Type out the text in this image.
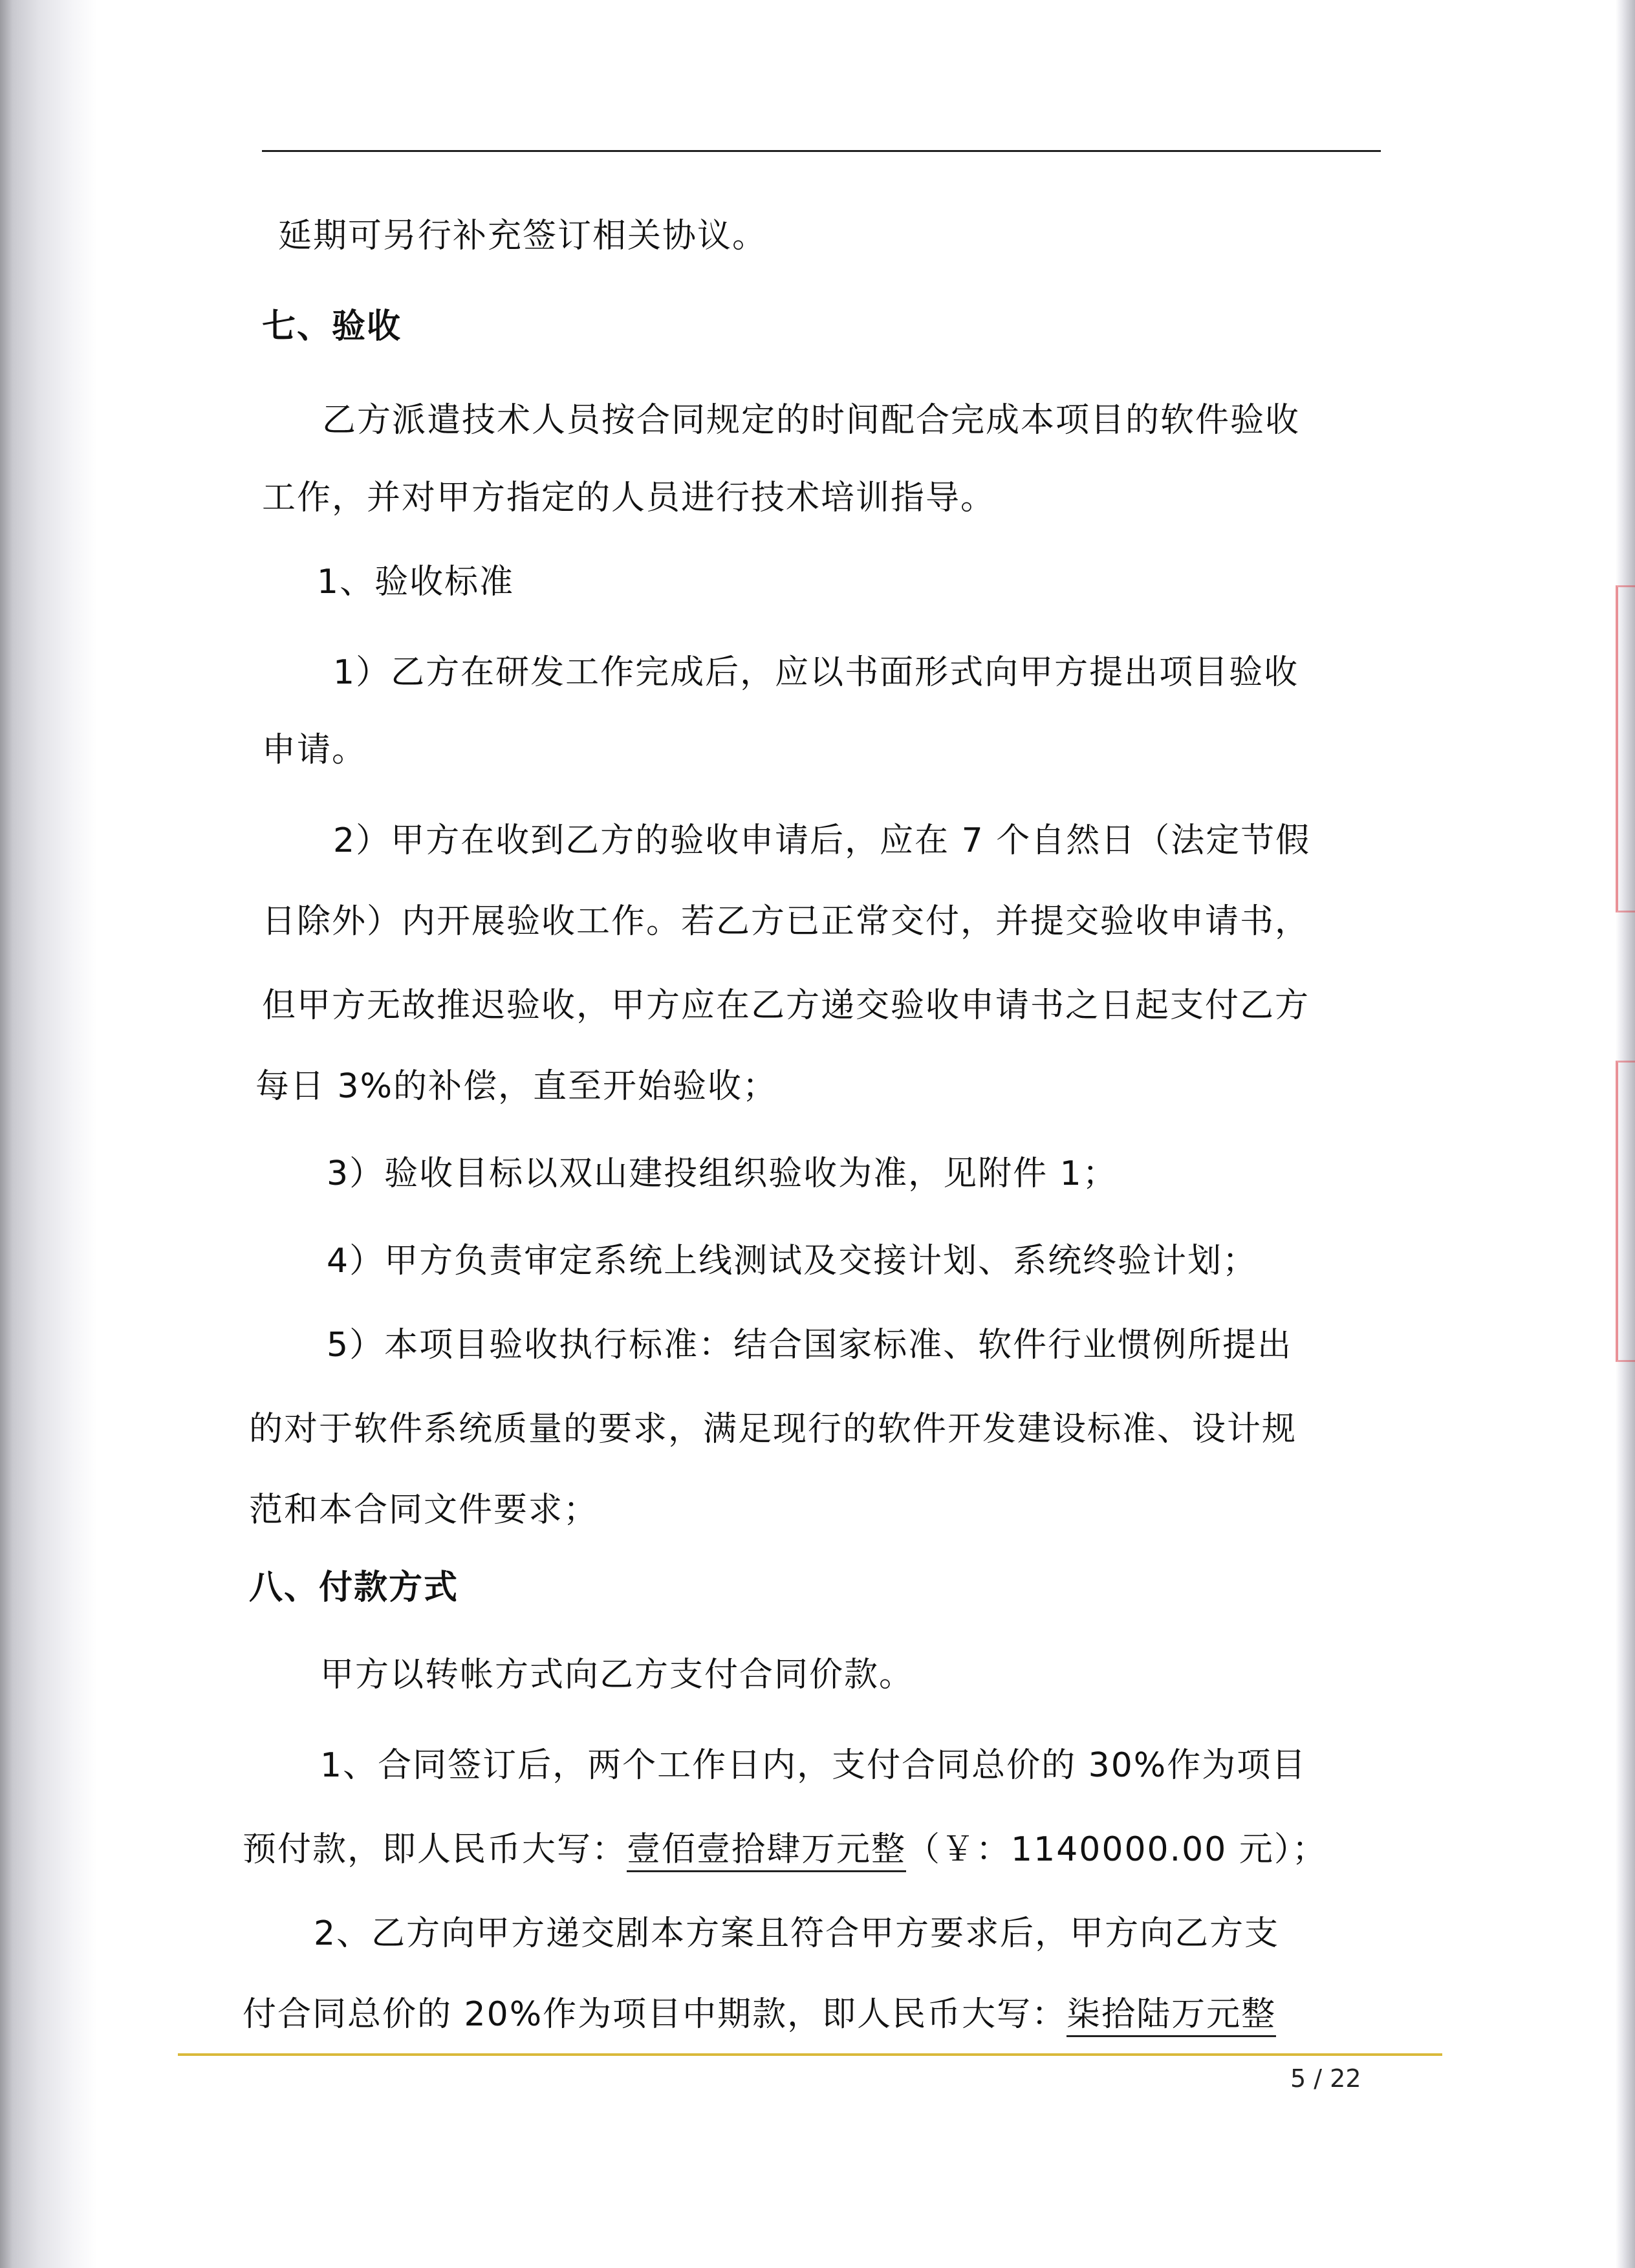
延期可另行补充签订相关协议。
七、验收
乙方派遣技术人员按合同规定的时间配合完成本项目的软件验收
工作，并对甲方指定的人员进行技术培训指导。
1、验收标准
1）乙方在研发工作完成后，应以书面形式向甲方提出项目验收
申请。
2）甲方在收到乙方的验收申请后，应在 7 个自然日（法定节假
日除外）内开展验收工作。若乙方已正常交付，并提交验收申请书，
但甲方无故推迟验收，甲方应在乙方递交验收申请书之日起支付乙方
每日 3%的补偿，直至开始验收；
3）验收目标以双山建投组织验收为准，见附件 1；
4）甲方负责审定系统上线测试及交接计划、系统终验计划；
5）本项目验收执行标准：结合国家标准、软件行业惯例所提出
的对于软件系统质量的要求，满足现行的软件开发建设标准、设计规
范和本合同文件要求；
八、付款方式
甲方以转帐方式向乙方支付合同价款。
1、合同签订后，两个工作日内，支付合同总价的 30%作为项目
预付款，即人民币大写：壹佰壹拾肆万元整（￥：1140000.00 元）；
2、乙方向甲方递交剧本方案且符合甲方要求后，甲方向乙方支
付合同总价的 20%作为项目中期款，即人民币大写：柒拾陆万元整
5 / 22
